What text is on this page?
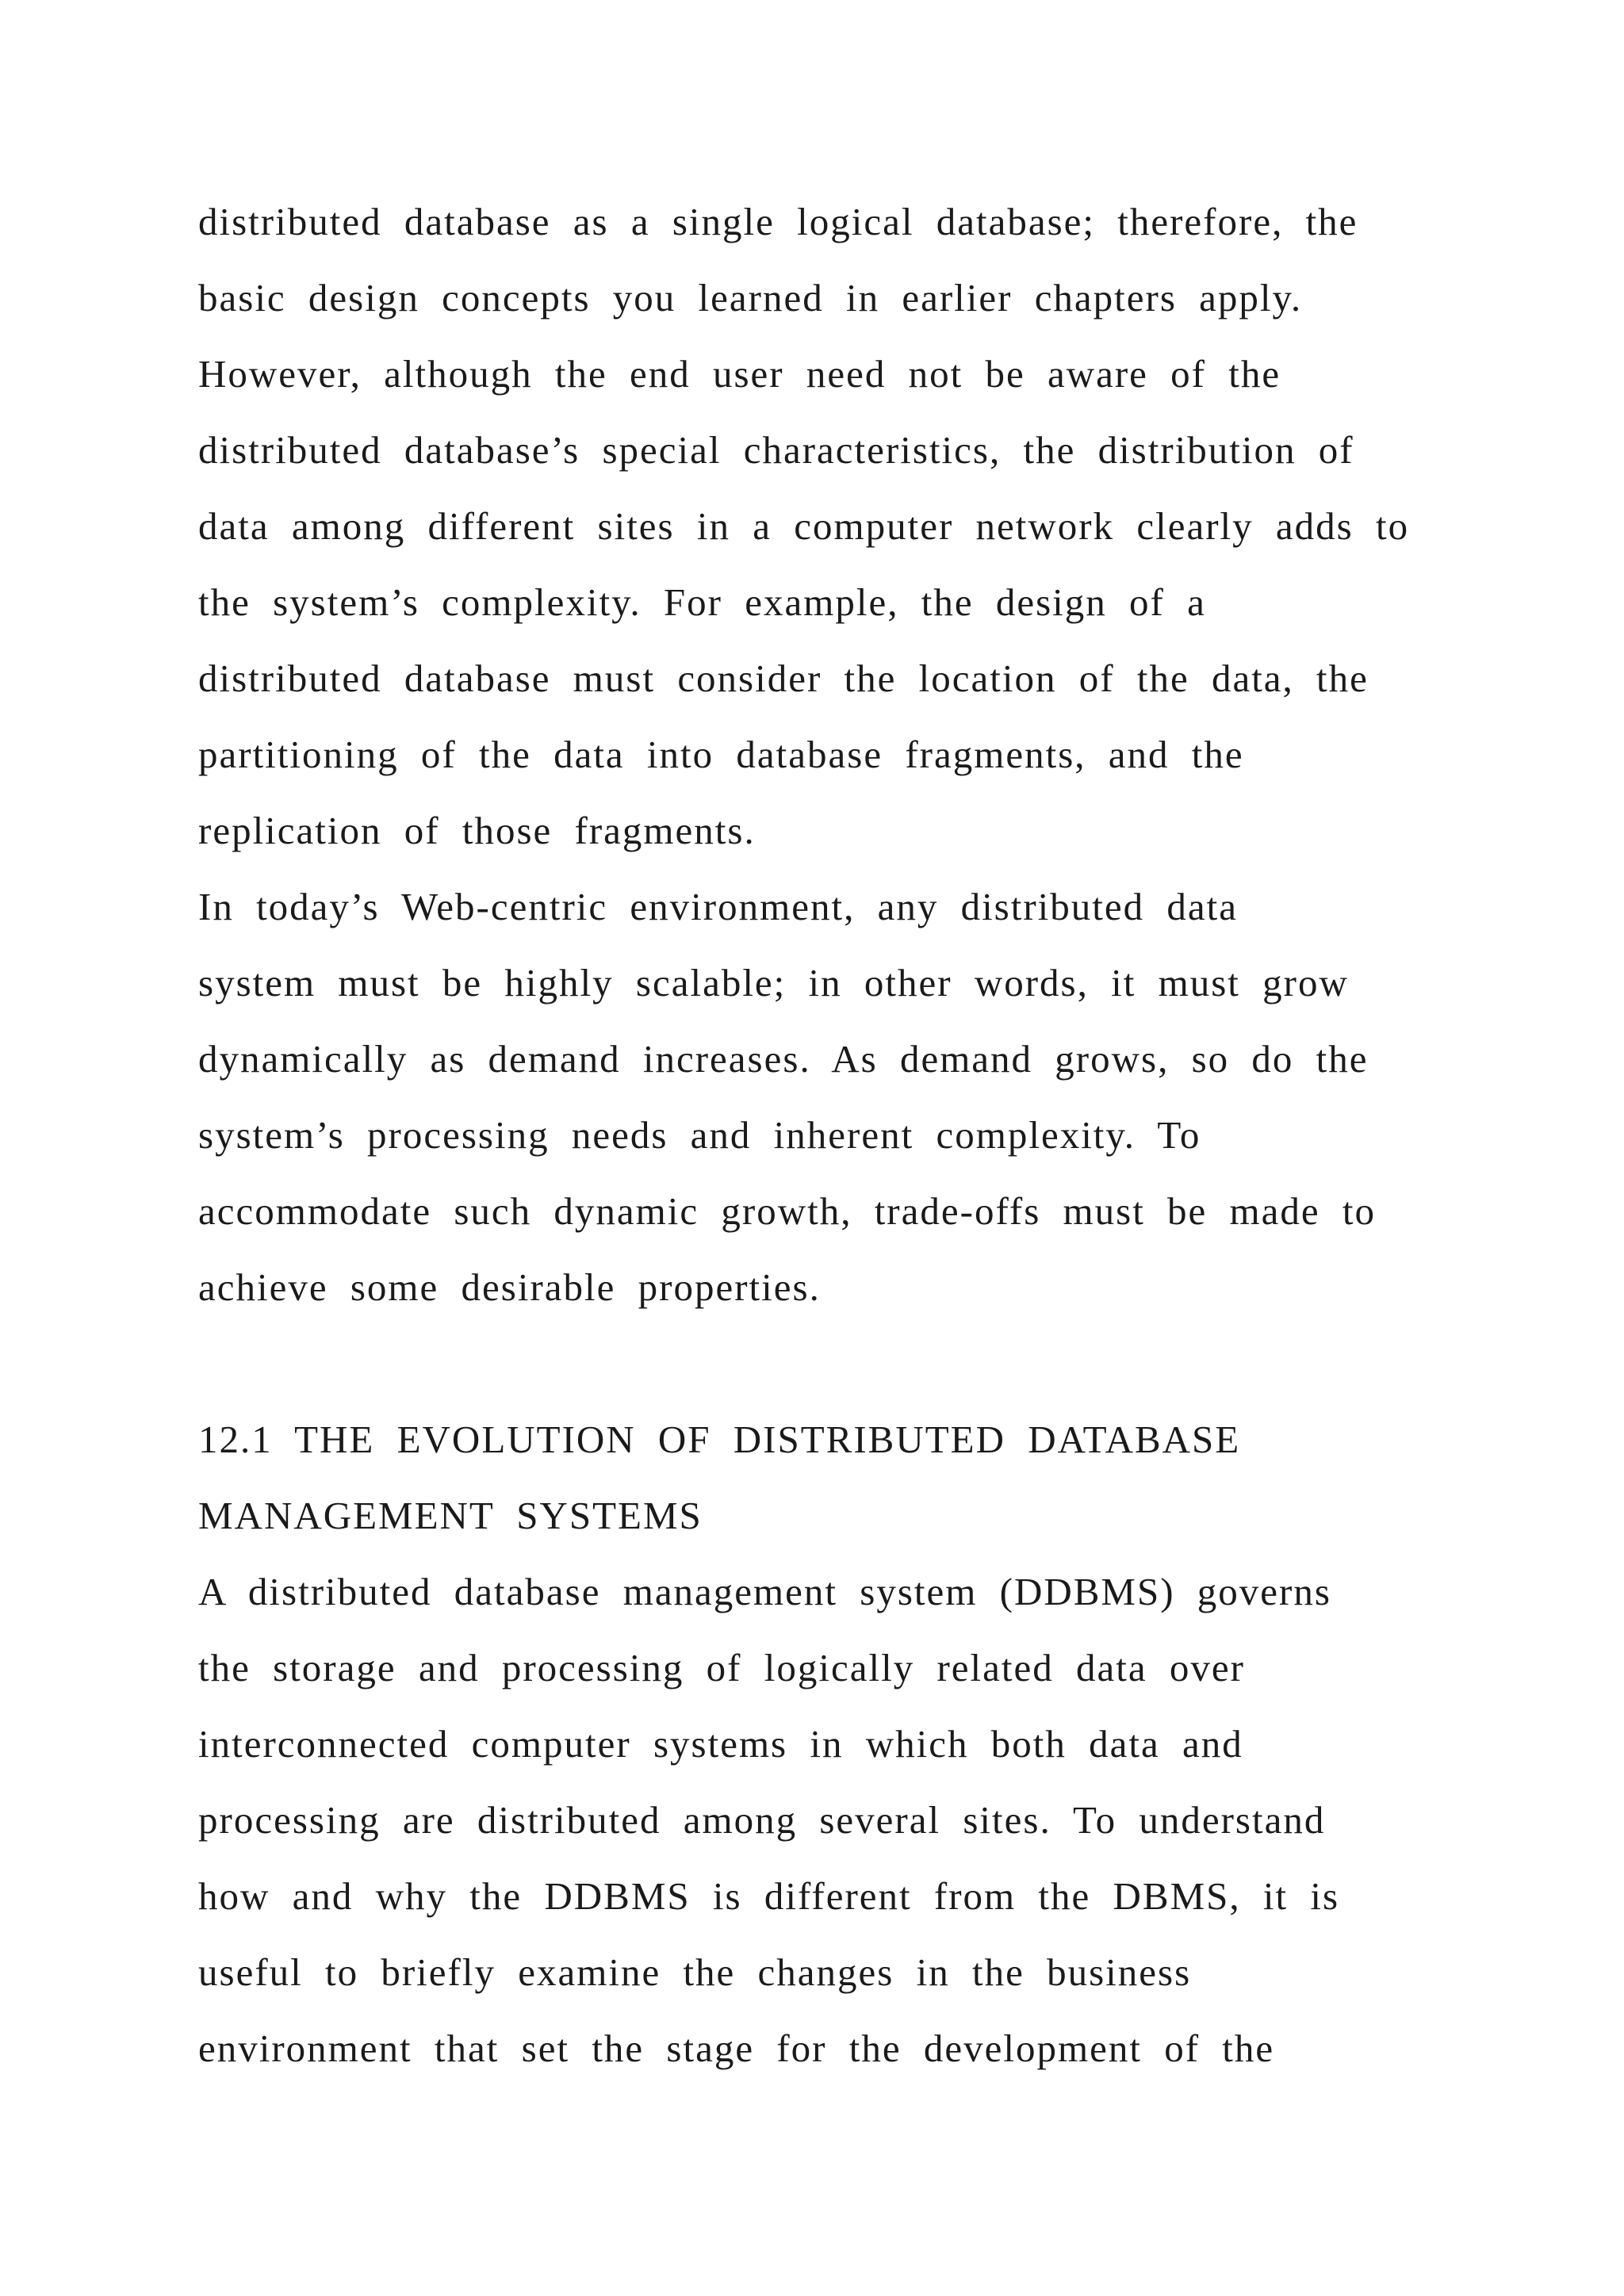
distributed database as a single logical database; therefore, the
basic design concepts you learned in earlier chapters apply.
However, although the end user need not be aware of the
distributed database’s special characteristics, the distribution of
data among different sites in a computer network clearly adds to
the system’s complexity. For example, the design of a
distributed database must consider the location of the data, the
partitioning of the data into database fragments, and the
replication of those fragments.
In today’s Web-centric environment, any distributed data
system must be highly scalable; in other words, it must grow
dynamically as demand increases. As demand grows, so do the
system’s processing needs and inherent complexity. To
accommodate such dynamic growth, trade-offs must be made to
achieve some desirable properties.
12.1 THE EVOLUTION OF DISTRIBUTED DATABASE
MANAGEMENT SYSTEMS
A distributed database management system (DDBMS) governs
the storage and processing of logically related data over
interconnected computer systems in which both data and
processing are distributed among several sites. To understand
how and why the DDBMS is different from the DBMS, it is
useful to briefly examine the changes in the business
environment that set the stage for the development of the
